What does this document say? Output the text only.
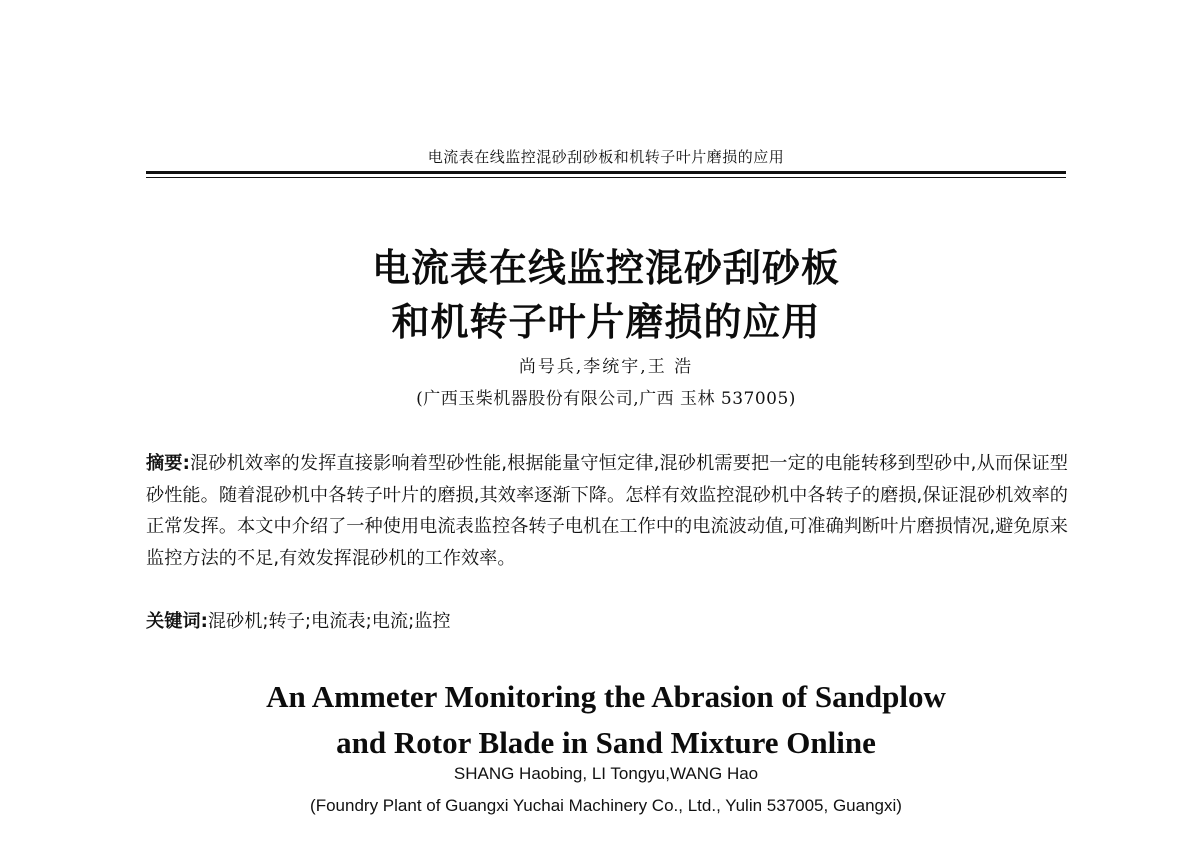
电流表在线监控混砂刮砂板和机转子叶片磨损的应用
电流表在线监控混砂刮砂板
和机转子叶片磨损的应用
尚号兵,李统宇,王 浩
(广西玉柴机器股份有限公司,广西 玉林 537005)
摘要:混砂机效率的发挥直接影响着型砂性能,根据能量守恒定律,混砂机需要把一定的电能转移到型砂中,从而保证型砂性能。随着混砂机中各转子叶片的磨损,其效率逐渐下降。怎样有效监控混砂机中各转子的磨损,保证混砂机效率的正常发挥。本文中介绍了一种使用电流表监控各转子电机在工作中的电流波动值,可准确判断叶片磨损情况,避免原来监控方法的不足,有效发挥混砂机的工作效率。
关键词:混砂机;转子;电流表;电流;监控
An Ammeter Monitoring the Abrasion of Sandplow
and Rotor Blade in Sand Mixture Online
SHANG Haobing, LI Tongyu,WANG Hao
(Foundry Plant of Guangxi Yuchai Machinery Co., Ltd., Yulin 537005, Guangxi)
